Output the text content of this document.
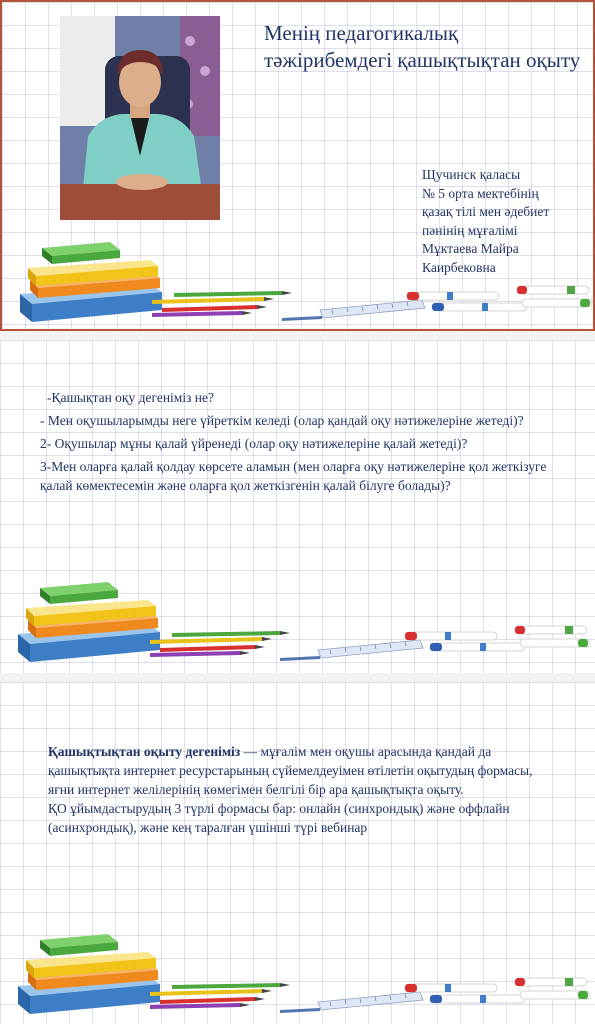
Менің педагогикалық тәжірибемдегі қашықтықтан оқыту
Щучинск қаласы
№ 5 орта мектебінің
қазақ тілі мен әдебиет
пәнінің мұғалімі
Мұктаева Майра
Каирбековна

-Қашықтан оқу дегеніміз не?

- Мен оқушыларымды неге үйреткім келеді (олар қандай оқу нәтижелеріне жетеді)?

2- Оқушылар мұны қалай үйренеді (олар оқу нәтижелеріне қалай жетеді)?

3-Мен оларға қалай қолдау көрсете аламын (мен оларға оқу нәтижелеріне қол жеткізуге қалай көмектесемін және оларға қол жеткізгенін қалай білуге болады)?

Қашықтықтан оқыту дегеніміз — мұғалім мен оқушы арасында қандай да қашықтықта интернет ресурстарының сүйемелдеуімен өтілетін оқытудың формасы, яғни интернет желілерінің көмегімен белгілі бір ара қашықтықта оқыту.

ҚО ұйымдастырудың 3 түрлі формасы бар: онлайн (синхрондық) және оффлайн (асинхрондық), және кең таралған үшінші түрі вебинар
